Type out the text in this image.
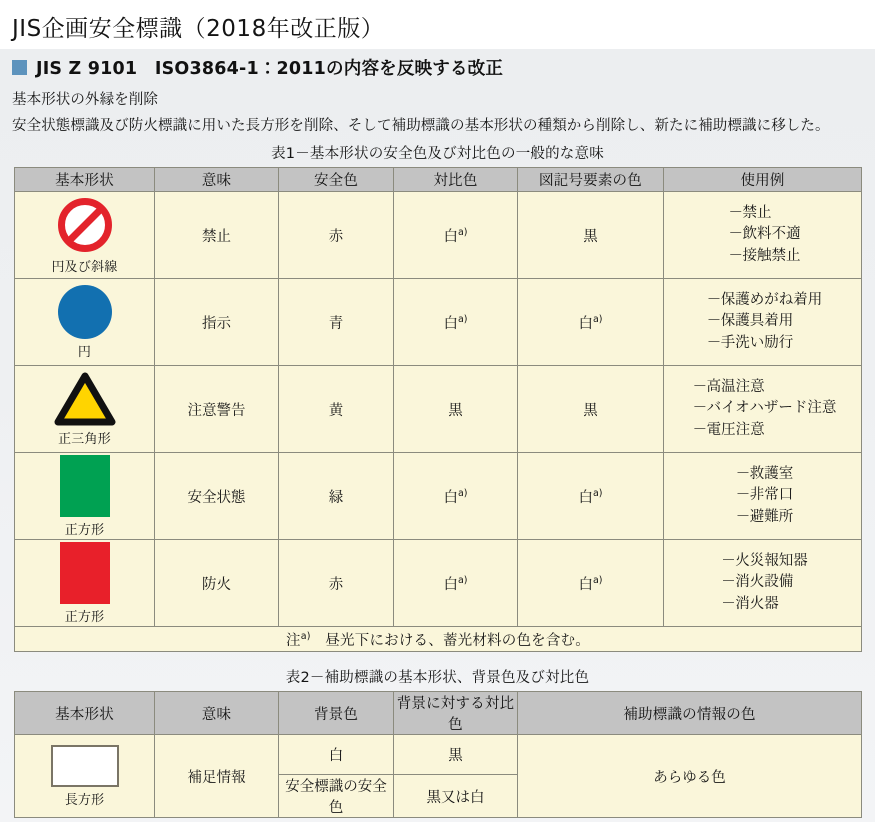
JIS企画安全標識（2018年改正版）
JIS Z 9101　ISO3864-1：2011の内容を反映する改正
基本形状の外縁を削除
安全状態標識及び防火標識に用いた長方形を削除、そして補助標識の基本形状の種類から削除し、新たに補助標識に移した。
表1－基本形状の安全色及び対比色の一般的な意味
基本形状	意味	安全色	対比色	図記号要素の色	使用例

円及び斜線	禁止	赤	白$^{a)}$	黒	－禁止
－飲料不適
－接触禁止

円	指示	青	白$^{a)}$	白$^{a)}$	－保護めがね着用
－保護具着用
－手洗い励行

正三角形	注意警告	黄	黒	黒	－高温注意
－バイオハザード注意
－電圧注意

正方形	安全状態	緑	白$^{a)}$	白$^{a)}$	－救護室
－非常口
－避難所

正方形	防火	赤	白$^{a)}$	白$^{a)}$	－火災報知器
－消火設備
－消火器

注$^{a)}$　昼光下における、蓄光材料の色を含む。					
表2－補助標識の基本形状、背景色及び対比色
基本形状	意味	背景色	背景に対する対比色	補助標識の情報の色

長方形	補足情報	白	黒	あらゆる色
		安全標識の安全色	黒又は白	
